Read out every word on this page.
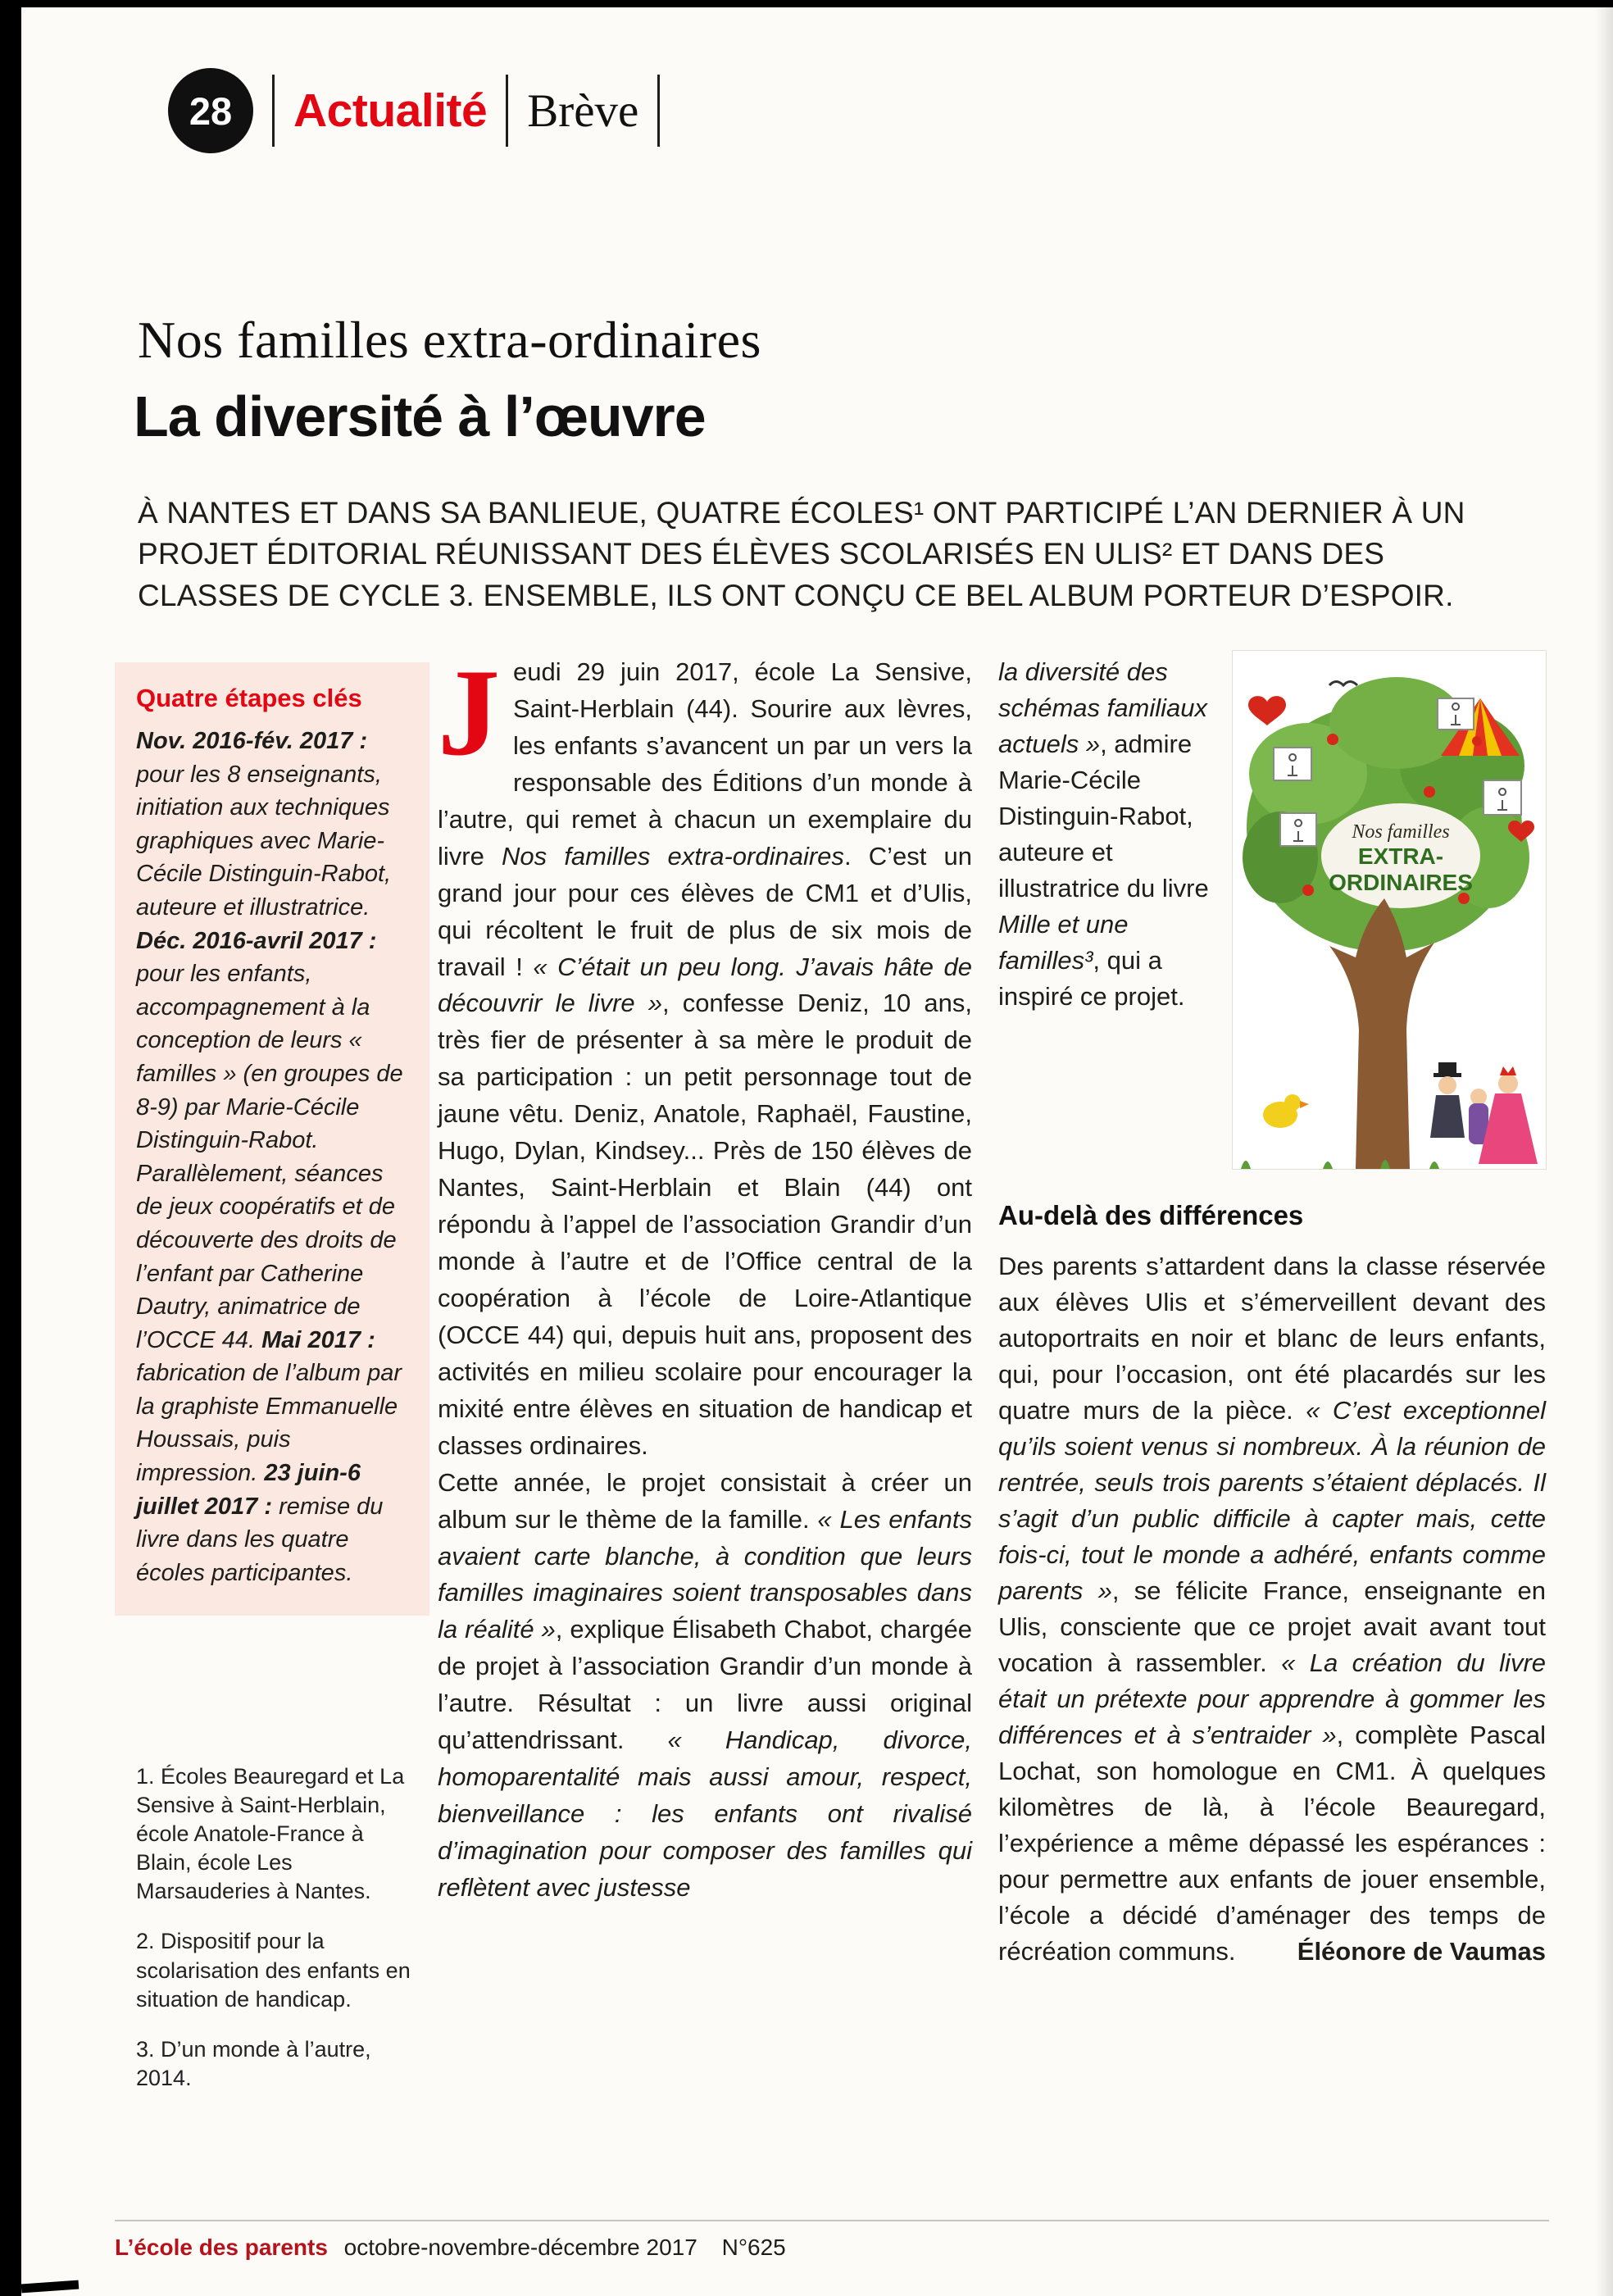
28 Actualité Brève
Nos familles extra-ordinaires
La diversité à l’œuvre

À NANTES ET DANS SA BANLIEUE, QUATRE ÉCOLES¹ ONT PARTICIPÉ L’AN DERNIER À UN PROJET ÉDITORIAL RÉUNISSANT DES ÉLÈVES SCOLARISÉS EN ULIS² ET DANS DES CLASSES DE CYCLE 3. ENSEMBLE, ILS ONT CONÇU CE BEL ALBUM PORTEUR D’ESPOIR.

Quatre étapes clés

Nov. 2016-fév. 2017 : pour les 8 enseignants, initiation aux techniques graphiques avec Marie-Cécile Distinguin-Rabot, auteure et illustratrice. Déc. 2016-avril 2017 : pour les enfants, accompagnement à la conception de leurs « familles » (en groupes de 8-9) par Marie-Cécile Distinguin-Rabot. Parallèlement, séances de jeux coopératifs et de découverte des droits de l’enfant par Catherine Dautry, animatrice de l’OCCE 44. Mai 2017 : fabrication de l’album par la graphiste Emmanuelle Houssais, puis impression. 23 juin-6 juillet 2017 : remise du livre dans les quatre écoles participantes.

1. Écoles Beauregard et La Sensive à Saint-Herblain, école Anatole-France à Blain, école Les Marsauderies à Nantes.

2. Dispositif pour la scolarisation des enfants en situation de handicap.

3. D’un monde à l’autre, 2014.

Jeudi 29 juin 2017, école La Sensive, Saint-Herblain (44). Sourire aux lèvres, les enfants s’avancent un par un vers la responsable des Éditions d’un monde à l’autre, qui remet à chacun un exemplaire du livre Nos familles extra-ordinaires. C’est un grand jour pour ces élèves de CM1 et d’Ulis, qui récoltent le fruit de plus de six mois de travail ! « C’était un peu long. J’avais hâte de découvrir le livre », confesse Deniz, 10 ans, très fier de présenter à sa mère le produit de sa participation : un petit personnage tout de jaune vêtu. Deniz, Anatole, Raphaël, Faustine, Hugo, Dylan, Kindsey... Près de 150 élèves de Nantes, Saint-Herblain et Blain (44) ont répondu à l’appel de l’association Grandir d’un monde à l’autre et de l’Office central de la coopération à l’école de Loire-Atlantique (OCCE 44) qui, depuis huit ans, proposent des activités en milieu scolaire pour encourager la mixité entre élèves en situation de handicap et classes ordinaires.

Cette année, le projet consistait à créer un album sur le thème de la famille. « Les enfants avaient carte blanche, à condition que leurs familles imaginaires soient transposables dans la réalité », explique Élisabeth Chabot, chargée de projet à l’association Grandir d’un monde à l’autre. Résultat : un livre aussi original qu’attendrissant. « Handicap, divorce, homoparentalité mais aussi amour, respect, bienveillance : les enfants ont rivalisé d’imagination pour composer des familles qui reflètent avec justesse

la diversité des schémas familiaux actuels », admire Marie-Cécile Distinguin-Rabot, auteure et illustratrice du livre Mille et une familles³, qui a inspiré ce projet.

Nos familles
EXTRA-
ORDINAIRES
Au-delà des différences

Des parents s’attardent dans la classe réservée aux élèves Ulis et s’émerveillent devant des autoportraits en noir et blanc de leurs enfants, qui, pour l’occasion, ont été placardés sur les quatre murs de la pièce. « C’est exceptionnel qu’ils soient venus si nombreux. À la réunion de rentrée, seuls trois parents s’étaient déplacés. Il s’agit d’un public difficile à capter mais, cette fois-ci, tout le monde a adhéré, enfants comme parents », se félicite France, enseignante en Ulis, consciente que ce projet avait avant tout vocation à rassembler. « La création du livre était un prétexte pour apprendre à gommer les différences et à s’entraider », complète Pascal Lochat, son homologue en CM1. À quelques kilomètres de là, à l’école Beauregard, l’expérience a même dépassé les espérances : pour permettre aux enfants de jouer ensemble, l’école a décidé d’aménager des temps de récréation communs.	Éléonore de Vaumas

L’école des parents octobre-novembre-décembre 2017 N°625
